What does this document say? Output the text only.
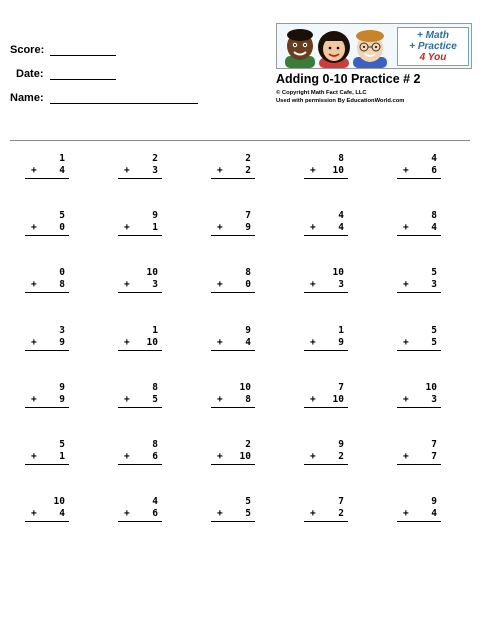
Score:
Date:
Name:
+ Math
+ Practice
4 You
Adding 0-10 Practice # 2
© Copyright Math Fact Cafe, LLC
Used with permission By EducationWorld.com
1
+ 4
2
+ 3
2
+ 2
8
+ 10
4
+ 6
5
+ 0
9
+ 1
7
+ 9
4
+ 4
8
+ 4
0
+ 8
10
+ 3
8
+ 0
10
+ 3
5
+ 3
3
+ 9
1
+ 10
9
+ 4
1
+ 9
5
+ 5
9
+ 9
8
+ 5
10
+ 8
7
+ 10
10
+ 3
5
+ 1
8
+ 6
2
+ 10
9
+ 2
7
+ 7
10
+ 4
4
+ 6
5
+ 5
7
+ 2
9
+ 4
